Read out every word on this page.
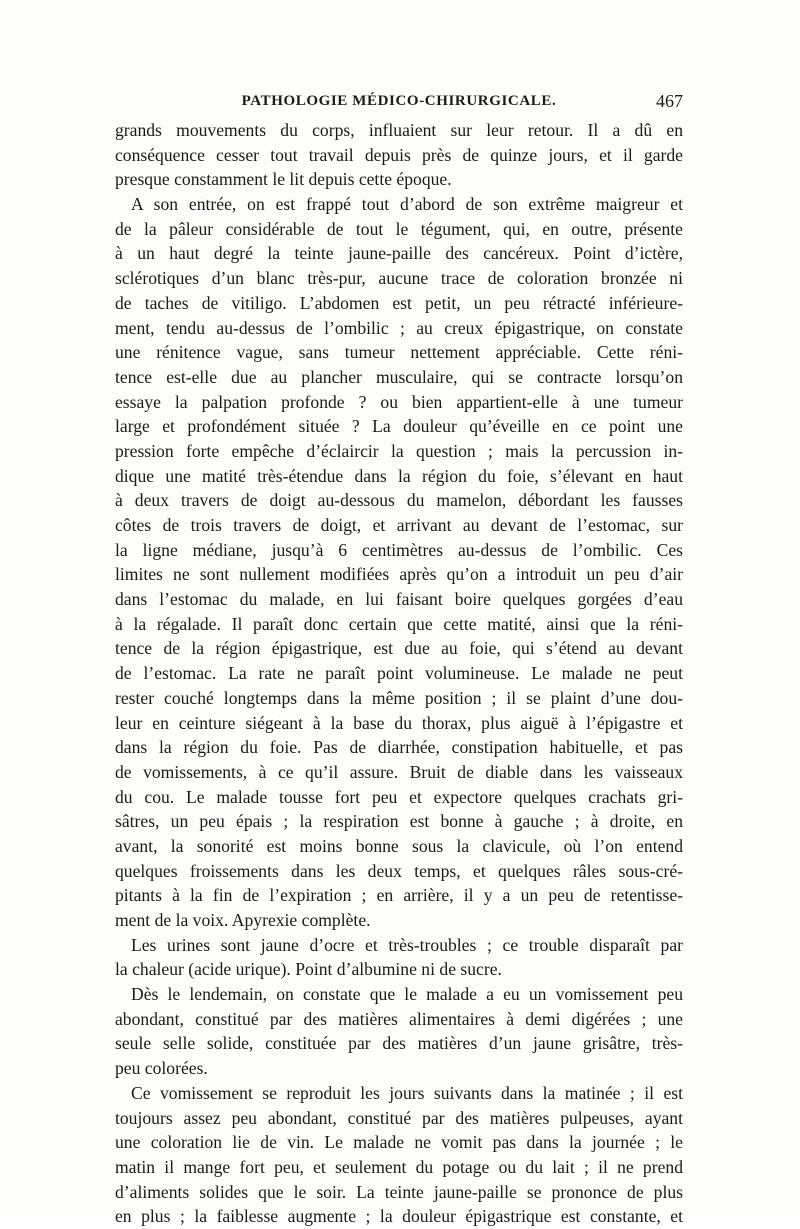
PATHOLOGIE MÉDICO-CHIRURGICALE.	467
grands mouvements du corps, influaient sur leur retour. Il a dû en
conséquence cesser tout travail depuis près de quinze jours, et il garde
presque constamment le lit depuis cette époque.
A son entrée, on est frappé tout d’abord de son extrême maigreur et
de la pâleur considérable de tout le tégument, qui, en outre, présente
à un haut degré la teinte jaune-paille des cancéreux. Point d’ictère,
sclérotiques d’un blanc très-pur, aucune trace de coloration bronzée ni
de taches de vitiligo. L’abdomen est petit, un peu rétracté inférieure-
ment, tendu au-dessus de l’ombilic ; au creux épigastrique, on constate
une rénitence vague, sans tumeur nettement appréciable. Cette réni-
tence est-elle due au plancher musculaire, qui se contracte lorsqu’on
essaye la palpation profonde ? ou bien appartient-elle à une tumeur
large et profondément située ? La douleur qu’éveille en ce point une
pression forte empêche d’éclaircir la question ; mais la percussion in-
dique une matité très-étendue dans la région du foie, s’élevant en haut
à deux travers de doigt au-dessous du mamelon, débordant les fausses
côtes de trois travers de doigt, et arrivant au devant de l’estomac, sur
la ligne médiane, jusqu’à 6 centimètres au-dessus de l’ombilic. Ces
limites ne sont nullement modifiées après qu’on a introduit un peu d’air
dans l’estomac du malade, en lui faisant boire quelques gorgées d’eau
à la régalade. Il paraît donc certain que cette matité, ainsi que la réni-
tence de la région épigastrique, est due au foie, qui s’étend au devant
de l’estomac. La rate ne paraît point volumineuse. Le malade ne peut
rester couché longtemps dans la même position ; il se plaint d’une dou-
leur en ceinture siégeant à la base du thorax, plus aiguë à l’épigastre et
dans la région du foie. Pas de diarrhée, constipation habituelle, et pas
de vomissements, à ce qu’il assure. Bruit de diable dans les vaisseaux
du cou. Le malade tousse fort peu et expectore quelques crachats gri-
sâtres, un peu épais ; la respiration est bonne à gauche ; à droite, en
avant, la sonorité est moins bonne sous la clavicule, où l’on entend
quelques froissements dans les deux temps, et quelques râles sous-cré-
pitants à la fin de l’expiration ; en arrière, il y a un peu de retentisse-
ment de la voix. Apyrexie complète.
Les urines sont jaune d’ocre et très-troubles ; ce trouble disparaît par
la chaleur (acide urique). Point d’albumine ni de sucre.
Dès le lendemain, on constate que le malade a eu un vomissement peu
abondant, constitué par des matières alimentaires à demi digérées ; une
seule selle solide, constituée par des matières d’un jaune grisâtre, très-
peu colorées.
Ce vomissement se reproduit les jours suivants dans la matinée ; il est
toujours assez peu abondant, constitué par des matières pulpeuses, ayant
une coloration lie de vin. Le malade ne vomit pas dans la journée ; le
matin il mange fort peu, et seulement du potage ou du lait ; il ne prend
d’aliments solides que le soir. La teinte jaune-paille se prononce de plus
en plus ; la faiblesse augmente ; la douleur épigastrique est constante, et
